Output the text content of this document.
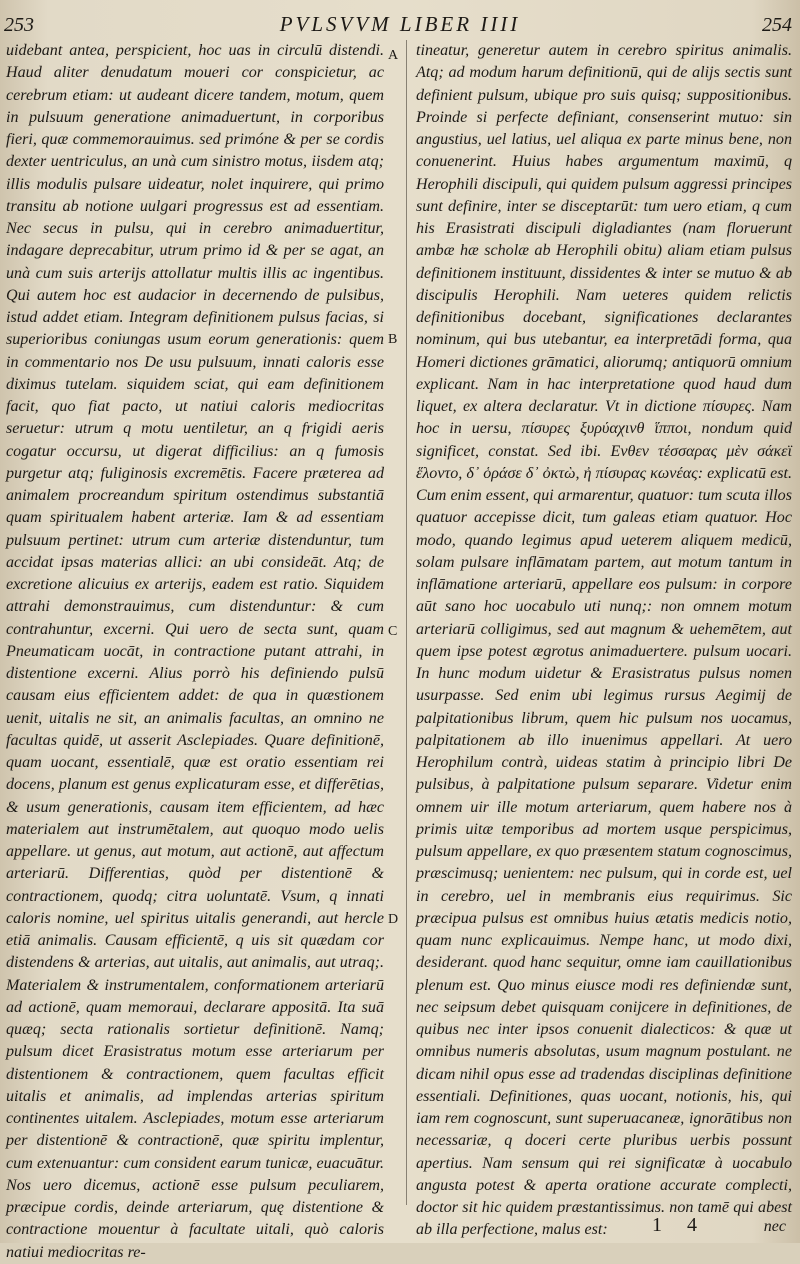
253	PVLSVVM LIBER IIII	254

uidebant antea, perspicient, hoc uas in circulū distendi. Haud aliter denudatum moueri cor conspicietur, ac cerebrum etiam: ut audeant dicere tandem, motum, quem in pulsuum generatione animaduertunt, in corporibus fieri, quæ commemorauimus. sed primóne & per se cordis dexter uentriculus, an unà cum sinistro motus, iisdem atq; illis modulis pulsare uideatur, nolet inquirere, qui primo transitu ab notione uulgari progressus est ad essentiam. Nec secus in pulsu, qui in cerebro animaduertitur, indagare deprecabitur, utrum primo id & per se agat, an unà cum suis arterijs attollatur multis illis ac ingentibus. Qui autem hoc est audacior in decernendo de pulsibus, istud addet etiam. Integram definitionem pulsus facias, si superioribus coniungas usum eorum generationis: quem in commentario nos De usu pulsuum, innati caloris esse diximus tutelam. siquidem sciat, qui eam definitionem facit, quo fiat pacto, ut natiui caloris mediocritas seruetur: utrum q motu uentiletur, an q frigidi aeris cogatur occursu, ut digerat difficilius: an q fumosis purgetur atq; fuliginosis excremētis. Facere præterea ad animalem procreandum spiritum ostendimus substantiā quam spiritualem habent arteriæ. Iam & ad essentiam pulsuum pertinet: utrum cum arteriæ distenduntur, tum accidat ipsas materias allici: an ubi consideāt. Atq; de excretione alicuius ex arterijs, eadem est ratio. Siquidem attrahi demonstrauimus, cum distenduntur: & cum contrahuntur, excerni. Qui uero de secta sunt, quam Pneumaticam uocāt, in contractione putant attrahi, in distentione excerni. Alius porrò his definiendo pulsū causam eius efficientem addet: de qua in quæstionem uenit, uitalis ne sit, an animalis facultas, an omnino ne facultas quidē, ut asserit Asclepiades. Quare definitionē, quam uocant, essentialē, quæ est oratio essentiam rei docens, planum est genus explicaturam esse, et differētias, & usum generationis, causam item efficientem, ad hæc materialem aut instrumētalem, aut quoquo modo uelis appellare. ut genus, aut motum, aut actionē, aut affectum arteriarū. Differentias, quòd per distentionē & contractionem, quodq; citra uoluntatē. Vsum, q innati caloris nomine, uel spiritus uitalis generandi, aut hercle etiā animalis. Causam efficientē, q uis sit quædam cor distendens & arterias, aut uitalis, aut animalis, aut utraq;. Materialem & instrumentalem, conformationem arteriarū ad actionē, quam memoraui, declarare appositā. Ita suā quæq; secta rationalis sortietur definitionē. Namq; pulsum dicet Erasistratus motum esse arteriarum per distentionem & contractionem, quem facultas efficit uitalis et animalis, ad implendas arterias spiritum continentes uitalem. Asclepiades, motum esse arteriarum per distentionē & contractionē, quæ spiritu implentur, cum extenuantur: cum consident earum tunicæ, euacuātur. Nos uero dicemus, actionē esse pulsum peculiarem, præcipue cordis, deinde arteriarum, quę distentione & contractione mouentur à facultate uitali, quò caloris natiui mediocritas re-

A
B
C
D

tineatur, generetur autem in cerebro spiritus animalis. Atq; ad modum harum definitionū, qui de alijs sectis sunt definient pulsum, ubique pro suis quisq; suppositionibus. Proinde si perfecte definiant, consenserint mutuo: sin angustius, uel latius, uel aliqua ex parte minus bene, non conuenerint. Huius habes argumentum maximū, q Herophili discipuli, qui quidem pulsum aggressi principes sunt definire, inter se disceptarūt: tum uero etiam, q cum his Erasistrati discipuli digladiantes (nam floruerunt ambæ hæ scholæ ab Herophili obitu) aliam etiam pulsus definitionem instituunt, dissidentes & inter se mutuo & ab discipulis Herophili. Nam ueteres quidem relictis definitionibus docebant, significationes declarantes nominum, qui bus utebantur, ea interpretādi forma, qua Homeri dictiones grāmatici, aliorumq; antiquorū omnium explicant. Nam in hac interpretatione quod haud dum liquet, ex altera declaratur. Vt in dictione πίσυρες. Nam hoc in uersu, πίσυρες ξυρύαχινθ ἵπποι, nondum quid significet, constat. Sed ibi. Ενθεν τέσσαρας μὲν σάκεϊ ἕλοντο, δ᾽ ὁράσε δ᾽ ὀκτὼ, ἠ πίσυρας κωνέας: explicatū est. Cum enim essent, qui armarentur, quatuor: tum scuta illos quatuor accepisse dicit, tum galeas etiam quatuor. Hoc modo, quando legimus apud ueterem aliquem medicū, solam pulsare inflāmatam partem, aut motum tantum in inflāmatione arteriarū, appellare eos pulsum: in corpore aūt sano hoc uocabulo uti nunq;: non omnem motum arteriarū colligimus, sed aut magnum & uehemētem, aut quem ipse potest ægrotus animaduertere. pulsum uocari. In hunc modum uidetur & Erasistratus pulsus nomen usurpasse. Sed enim ubi legimus rursus Aegimij de palpitationibus librum, quem hic pulsum nos uocamus, palpitationem ab illo inuenimus appellari. At uero Herophilum contrà, uideas statim à principio libri De pulsibus, à palpitatione pulsum separare. Videtur enim omnem uir ille motum arteriarum, quem habere nos à primis uitæ temporibus ad mortem usque perspicimus, pulsum appellare, ex quo præsentem statum cognoscimus, præscimusq; uenientem: nec pulsum, qui in corde est, uel in cerebro, uel in membranis eius requirimus. Sic præcipua pulsus est omnibus huius ætatis medicis notio, quam nunc explicauimus. Nempe hanc, ut modo dixi, desiderant. quod hanc sequitur, omne iam cauillationibus plenum est. Quo minus eiusce modi res definiendæ sunt, nec seipsum debet quisquam conijcere in definitiones, de quibus nec inter ipsos conuenit dialecticos: & quæ ut omnibus numeris absolutas, usum magnum postulant. ne dicam nihil opus esse ad tradendas disciplinas definitione essentiali. Definitiones, quas uocant, notionis, his, qui iam rem cognoscunt, sunt superuacaneæ, ignorātibus non necessariæ, q doceri certe pluribus uerbis possunt apertius. Nam sensum qui rei significatæ à uocabulo angusta potest & aperta oratione accurate complecti, doctor sit hic quidem præstantissimus. non tamē qui abest ab illa perfectione, malus est:	1 4	nec
